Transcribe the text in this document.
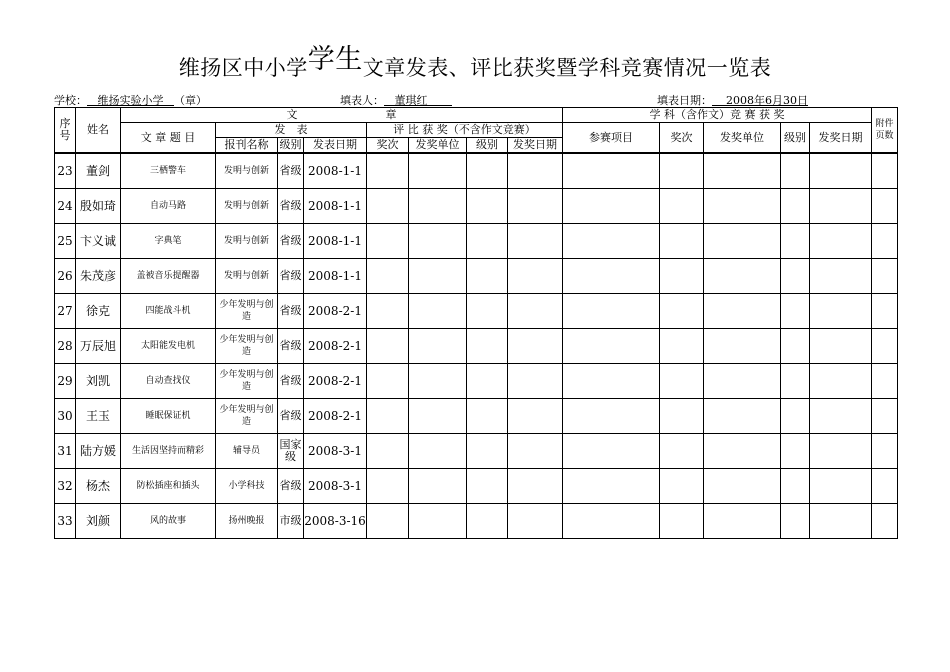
维扬区中小学学生文章发表、评比获奖暨学科竞赛情况一览表
学校： 维扬实验小学 （章）	填表人： 董琪红	填表日期： 2008年6月30日
序号	姓名	文　　　　　　　　章								学 科（含作文）竞 赛 获 奖					附件页数
		文 章 题 目	发　表			评 比 获 奖（不含作文竞赛）				参赛项目	奖次	发奖单位	级别	发奖日期	
			报刊名称	级别	发表日期	奖次	发奖单位	级别	发奖日期						
23	董剑	三栖警车	发明与创新	省级	2008-1-1										
24	殷如琦	自动马路	发明与创新	省级	2008-1-1										
25	卞义诚	字典笔	发明与创新	省级	2008-1-1										
26	朱茂彦	盖被音乐提醒器	发明与创新	省级	2008-1-1										
27	徐克	四能战斗机	少年发明与创造	省级	2008-2-1										
28	万辰旭	太阳能发电机	少年发明与创造	省级	2008-2-1										
29	刘凯	自动查找仪	少年发明与创造	省级	2008-2-1										
30	王玉	睡眠保证机	少年发明与创造	省级	2008-2-1										
31	陆方媛	生活因坚持而精彩	辅导员	国家级	2008-3-1										
32	杨杰	防松插座和插头	小学科技	省级	2008-3-1										
33	刘颜	风的故事	扬州晚报	市级	2008-3-16										
